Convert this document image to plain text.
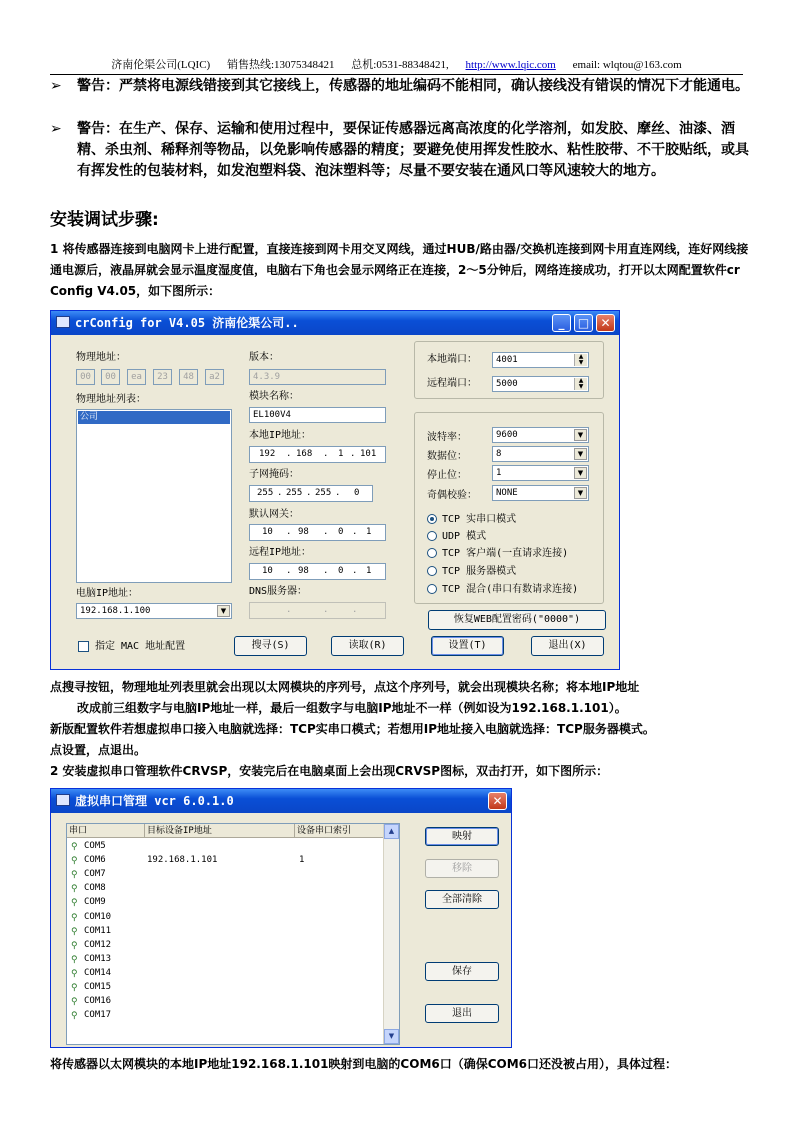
济南伦渠公司(LQIC) 销售热线:13075348421 总机:0531-88348421, http://www.lqic.com email: wlqtou@163.com
➢ 警告：严禁将电源线错接到其它接线上，传感器的地址编码不能相同，确认接线没有错误的情况下才能通电。
➢ 警告：在生产、保存、运输和使用过程中，要保证传感器远离高浓度的化学溶剂，如发胶、摩丝、油漆、酒精、杀虫剂、稀释剂等物品，以免影响传感器的精度；要避免使用挥发性胶水、粘性胶带、不干胶贴纸，或具有挥发性的包装材料，如发泡塑料袋、泡沫塑料等；尽量不要安装在通风口等风速较大的地方。
安装调试步骤:
1 将传感器连接到电脑网卡上进行配置，直接连接到网卡用交叉网线，通过HUB/路由器/交换机连接到网卡用直连网线，连好网线接通电源后，液晶屏就会显示温度湿度值，电脑右下角也会显示网络正在连接，2～5分钟后，网络连接成功，打开以太网配置软件cr Config V4.05，如下图所示：
crConfig for V4.05 济南伦渠公司..	_	□ ✕
物理地址：
00	00	ea	23	48	a2
物理地址列表：
公司
电脑IP地址：
192.168.1.100	▼
指定 MAC 地址配置
版本：
4.3.9
模块名称：
EL100V4
本地IP地址：
192 . 168 . 1 . 101
子网掩码：
255 . 255 . 255 . 0
默认网关：
10 . 98 . 0 . 1
远程IP地址：
10 . 98 . 0 . 1
DNS服务器：
.	.	.
本地端口：	4001	▲
▼
远程端口：	5000	▲
▼
波特率：	9600	▼
数据位：	8	▼
停止位：	1	▼
奇偶校验：	NONE	▼
TCP 实串口模式
UDP 模式
TCP 客户端(一直请求连接)
TCP 服务器模式
TCP 混合(串口有数请求连接)
恢复WEB配置密码("0000")
搜寻(S)	读取(R)	设置(T)	退出(X)
点搜寻按钮，物理地址列表里就会出现以太网模块的序列号，点这个序列号，就会出现模块名称；将本地IP地址
改成前三组数字与电脑IP地址一样，最后一组数字与电脑IP地址不一样（例如设为192.168.1.101）。
新版配置软件若想虚拟串口接入电脑就选择：TCP实串口模式；若想用IP地址接入电脑就选择：TCP服务器模式。
点设置，点退出。
2 安装虚拟串口管理软件CRVSP，安装完后在电脑桌面上会出现CRVSP图标，双击打开，如下图所示：
虚拟串口管理 vcr 6.0.1.0	✕
串口	目标设备IP地址	设备串口索引
⚲ COM5
⚲ COM6	192.168.1.101	1
⚲ COM7
⚲ COM8
⚲ COM9
⚲ COM10
⚲ COM11
⚲ COM12
⚲ COM13
⚲ COM14
⚲ COM15
⚲ COM16
⚲ COM17
▲
▼
映射
移除
全部清除
保存
退出
将传感器以太网模块的本地IP地址192.168.1.101映射到电脑的COM6口（确保COM6口还没被占用），具体过程：
